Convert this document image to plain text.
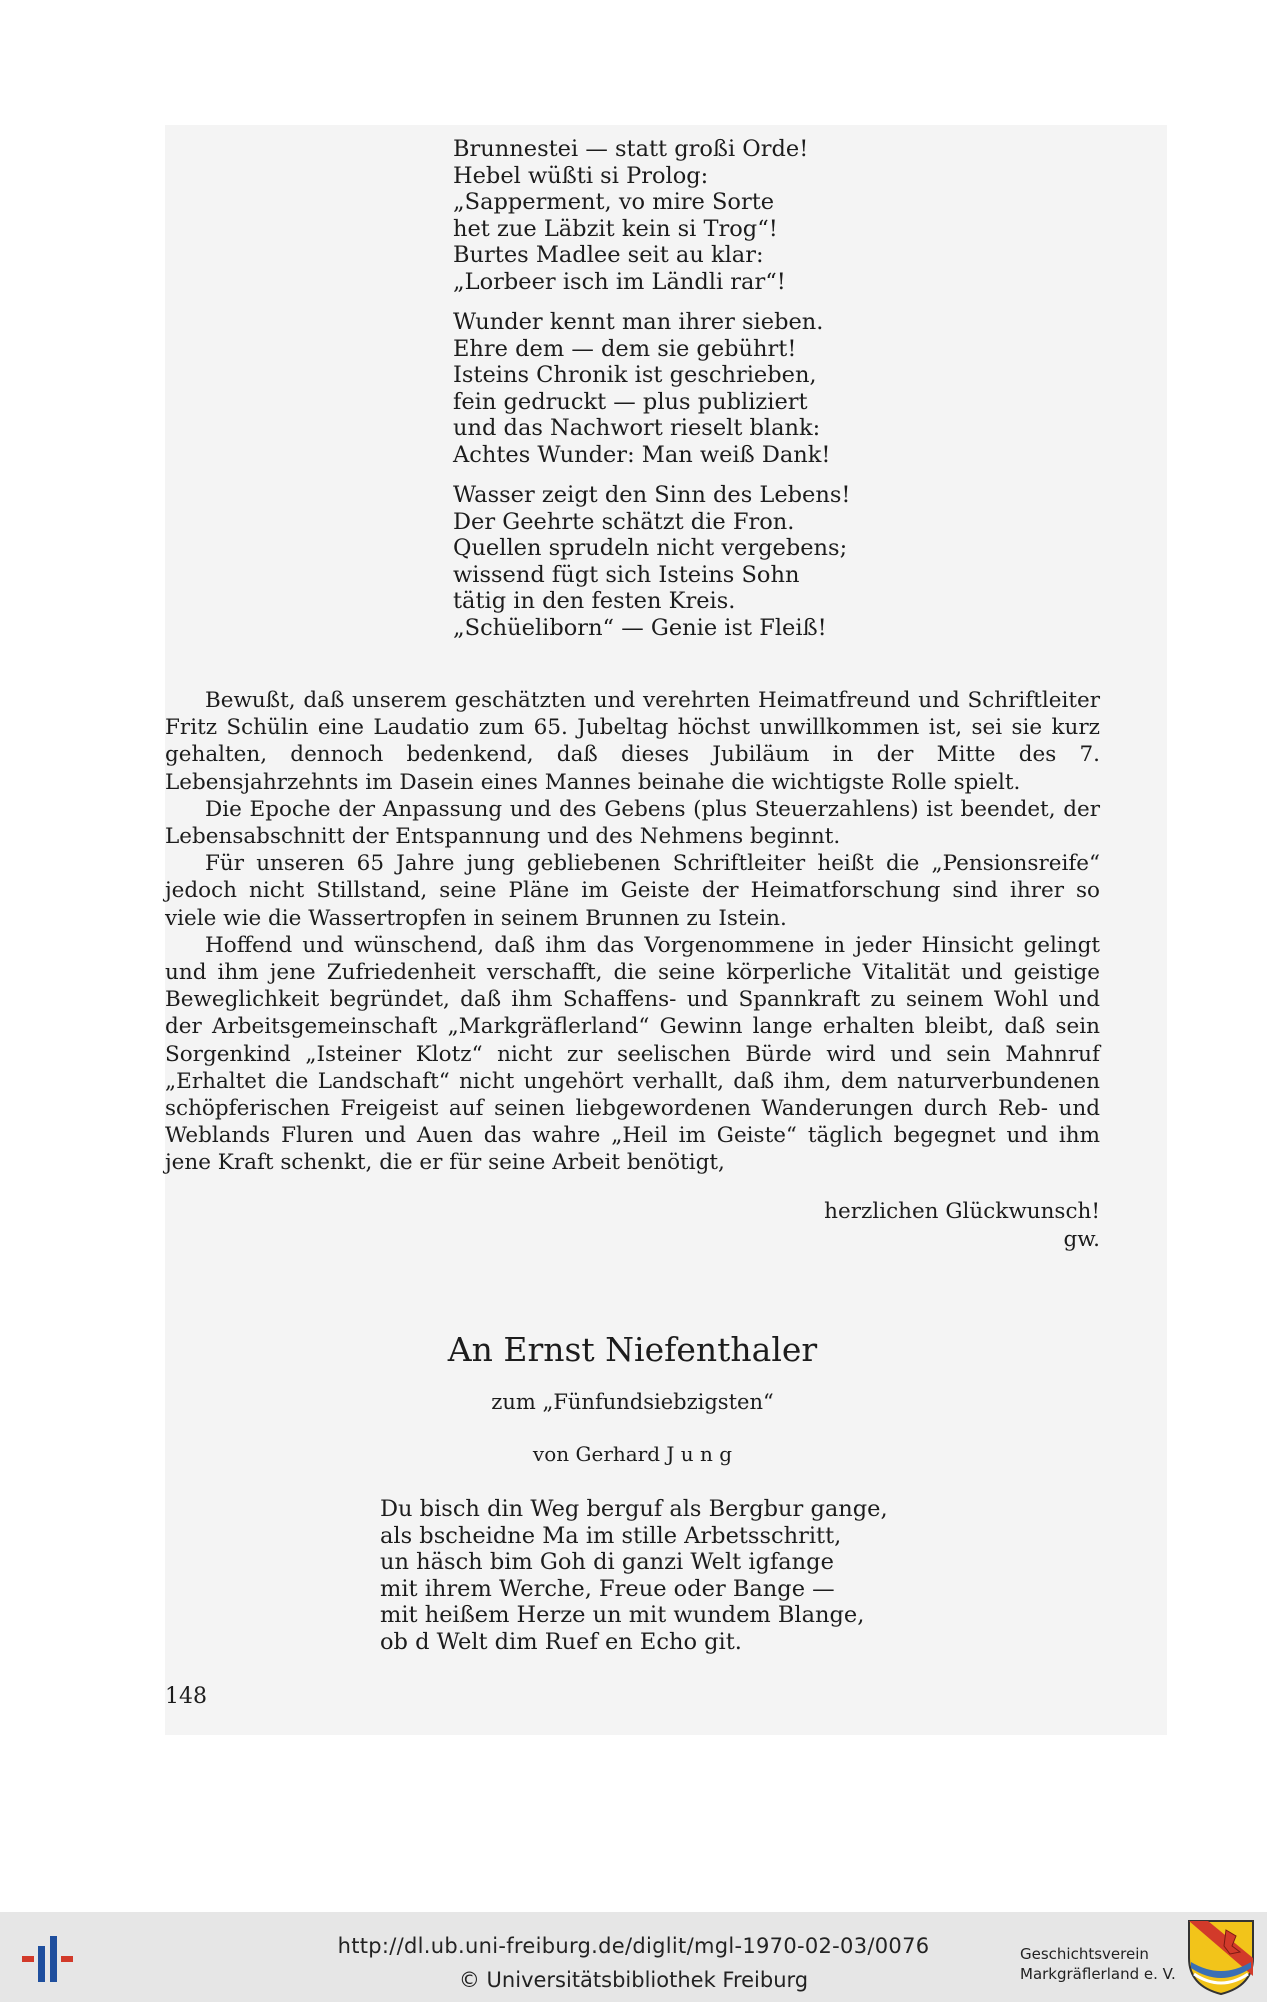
Brunnestei — statt großi Orde!
Hebel wüßti si Prolog:
„Sapperment, vo mire Sorte
het zue Läbzit kein si Trog“!
Burtes Madlee seit au klar:
„Lorbeer isch im Ländli rar“!
Wunder kennt man ihrer sieben.
Ehre dem — dem sie gebührt!
Isteins Chronik ist geschrieben,
fein gedruckt — plus publiziert
und das Nachwort rieselt blank:
Achtes Wunder: Man weiß Dank!
Wasser zeigt den Sinn des Lebens!
Der Geehrte schätzt die Fron.
Quellen sprudeln nicht vergebens;
wissend fügt sich Isteins Sohn
tätig in den festen Kreis.
„Schüeliborn“ — Genie ist Fleiß!

Bewußt, daß unserem geschätzten und verehrten Heimatfreund und Schriftleiter Fritz Schülin eine Laudatio zum 65. Jubeltag höchst unwillkommen ist, sei sie kurz gehalten, dennoch bedenkend, daß dieses Jubiläum in der Mitte des 7. Lebensjahrzehnts im Dasein eines Mannes beinahe die wichtigste Rolle spielt.

Die Epoche der Anpassung und des Gebens (plus Steuerzahlens) ist beendet, der Lebensabschnitt der Entspannung und des Nehmens beginnt.

Für unseren 65 Jahre jung gebliebenen Schriftleiter heißt die „Pensionsreife“ jedoch nicht Stillstand, seine Pläne im Geiste der Heimatforschung sind ihrer so viele wie die Wassertropfen in seinem Brunnen zu Istein.

Hoffend und wünschend, daß ihm das Vorgenommene in jeder Hinsicht gelingt und ihm jene Zufriedenheit verschafft, die seine körperliche Vitalität und geistige Beweglichkeit begründet, daß ihm Schaffens- und Spannkraft zu seinem Wohl und der Arbeitsgemeinschaft „Markgräflerland“ Gewinn lange erhalten bleibt, daß sein Sorgenkind „Isteiner Klotz“ nicht zur seelischen Bürde wird und sein Mahnruf „Erhaltet die Landschaft“ nicht ungehört verhallt, daß ihm, dem naturverbundenen schöpferischen Freigeist auf seinen liebgewordenen Wanderungen durch Reb- und Weblands Fluren und Auen das wahre „Heil im Geiste“ täglich begegnet und ihm jene Kraft schenkt, die er für seine Arbeit benötigt,

herzlichen Glückwunsch!
gw.
An Ernst Niefenthaler
zum „Fünfundsiebzigsten“
von Gerhard J u n g
Du bisch din Weg berguf als Bergbur gange,
als bscheidne Ma im stille Arbetsschritt,
un häsch bim Goh di ganzi Welt igfange
mit ihrem Werche, Freue oder Bange —
mit heißem Herze un mit wundem Blange,
ob d Welt dim Ruef en Echo git.
148
http://dl.ub.uni-freiburg.de/diglit/mgl-1970-02-03/0076
© Universitätsbibliothek Freiburg
Geschichtsverein
Markgräflerland e. V.
